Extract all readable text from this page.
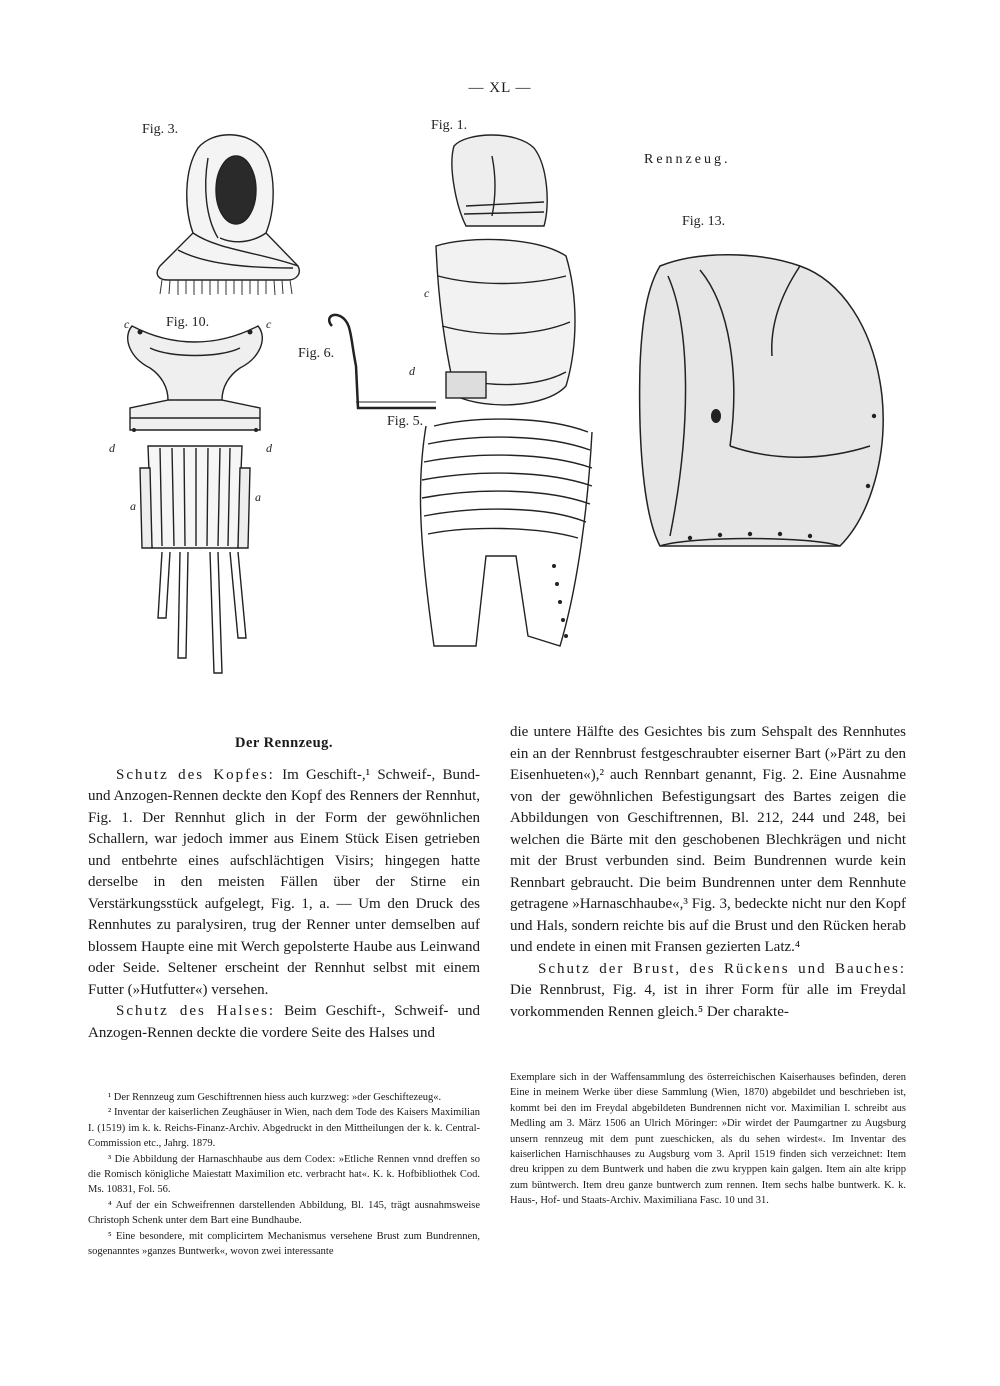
— XL —
Rennzeug.
Fig. 3.	Fig. 1.
Fig. 13.
Fig. 10.
Fig. 6.
Fig. 5.
c
d
c	c
d	d
a
a

Der Rennzeug.

Schutz des Kopfes: Im Geschift-,¹ Schweif-, Bund- und Anzogen-Rennen deckte den Kopf des Renners der Rennhut, Fig. 1. Der Rennhut glich in der Form der gewöhnlichen Schallern, war jedoch immer aus Einem Stück Eisen getrieben und entbehrte eines aufschlächtigen Visirs; hingegen hatte derselbe in den meisten Fällen über der Stirne ein Verstärkungsstück aufgelegt, Fig. 1, a. — Um den Druck des Rennhutes zu paralysiren, trug der Renner unter demselben auf blossem Haupte eine mit Werch gepolsterte Haube aus Leinwand oder Seide. Seltener erscheint der Rennhut selbst mit einem Futter (»Hutfutter«) versehen.

Schutz des Halses: Beim Geschift-, Schweif- und Anzogen-Rennen deckte die vordere Seite des Halses und

die untere Hälfte des Gesichtes bis zum Sehspalt des Rennhutes ein an der Rennbrust festgeschraubter eiserner Bart (»Pärt zu den Eisenhueten«),² auch Rennbart genannt, Fig. 2. Eine Ausnahme von der gewöhnlichen Befestigungsart des Bartes zeigen die Abbildungen von Geschiftrennen, Bl. 212, 244 und 248, bei welchen die Bärte mit den geschobenen Blechkrägen und nicht mit der Brust verbunden sind. Beim Bundrennen wurde kein Rennbart gebraucht. Die beim Bundrennen unter dem Rennhute getragene »Harnaschhaube«,³ Fig. 3, bedeckte nicht nur den Kopf und Hals, sondern reichte bis auf die Brust und den Rücken herab und endete in einen mit Fransen gezierten Latz.⁴

Schutz der Brust, des Rückens und Bauches: Die Rennbrust, Fig. 4, ist in ihrer Form für alle im Freydal vorkommenden Rennen gleich.⁵ Der charakte-

¹ Der Rennzeug zum Geschiftrennen hiess auch kurzweg: »der Geschiftezeug«.

² Inventar der kaiserlichen Zeughäuser in Wien, nach dem Tode des Kaisers Maximilian I. (1519) im k. k. Reichs-Finanz-Archiv. Abgedruckt in den Mittheilungen der k. k. Central-Commission etc., Jahrg. 1879.

³ Die Abbildung der Harnaschhaube aus dem Codex: »Etliche Rennen vnnd dreffen so die Romisch königliche Maiestatt Maximilion etc. verbracht hat«. K. k. Hofbibliothek Cod. Ms. 10831, Fol. 56.

⁴ Auf der ein Schweifrennen darstellenden Abbildung, Bl. 145, trägt ausnahmsweise Christoph Schenk unter dem Bart eine Bundhaube.

⁵ Eine besondere, mit complicirtem Mechanismus versehene Brust zum Bundrennen, sogenanntes »ganzes Buntwerk«, wovon zwei interessante

Exemplare sich in der Waffensammlung des österreichischen Kaiserhauses befinden, deren Eine in meinem Werke über diese Sammlung (Wien, 1870) abgebildet und beschrieben ist, kommt bei den im Freydal abgebildeten Bundrennen nicht vor. Maximilian I. schreibt aus Medling am 3. März 1506 an Ulrich Möringer: »Dir wirdet der Paumgartner zu Augsburg unsern rennzeug mit dem punt zueschicken, als du sehen wirdest«. Im Inventar des kaiserlichen Harnischhauses zu Augsburg vom 3. April 1519 finden sich verzeichnet: Item dreu krippen zu dem Buntwerk und haben die zwu kryppen kain galgen. Item ain alte kripp zum büntwerch. Item dreu ganze buntwerch zum rennen. Item sechs halbe buntwerk. K. k. Haus-, Hof- und Staats-Archiv. Maximiliana Fasc. 10 und 31.
